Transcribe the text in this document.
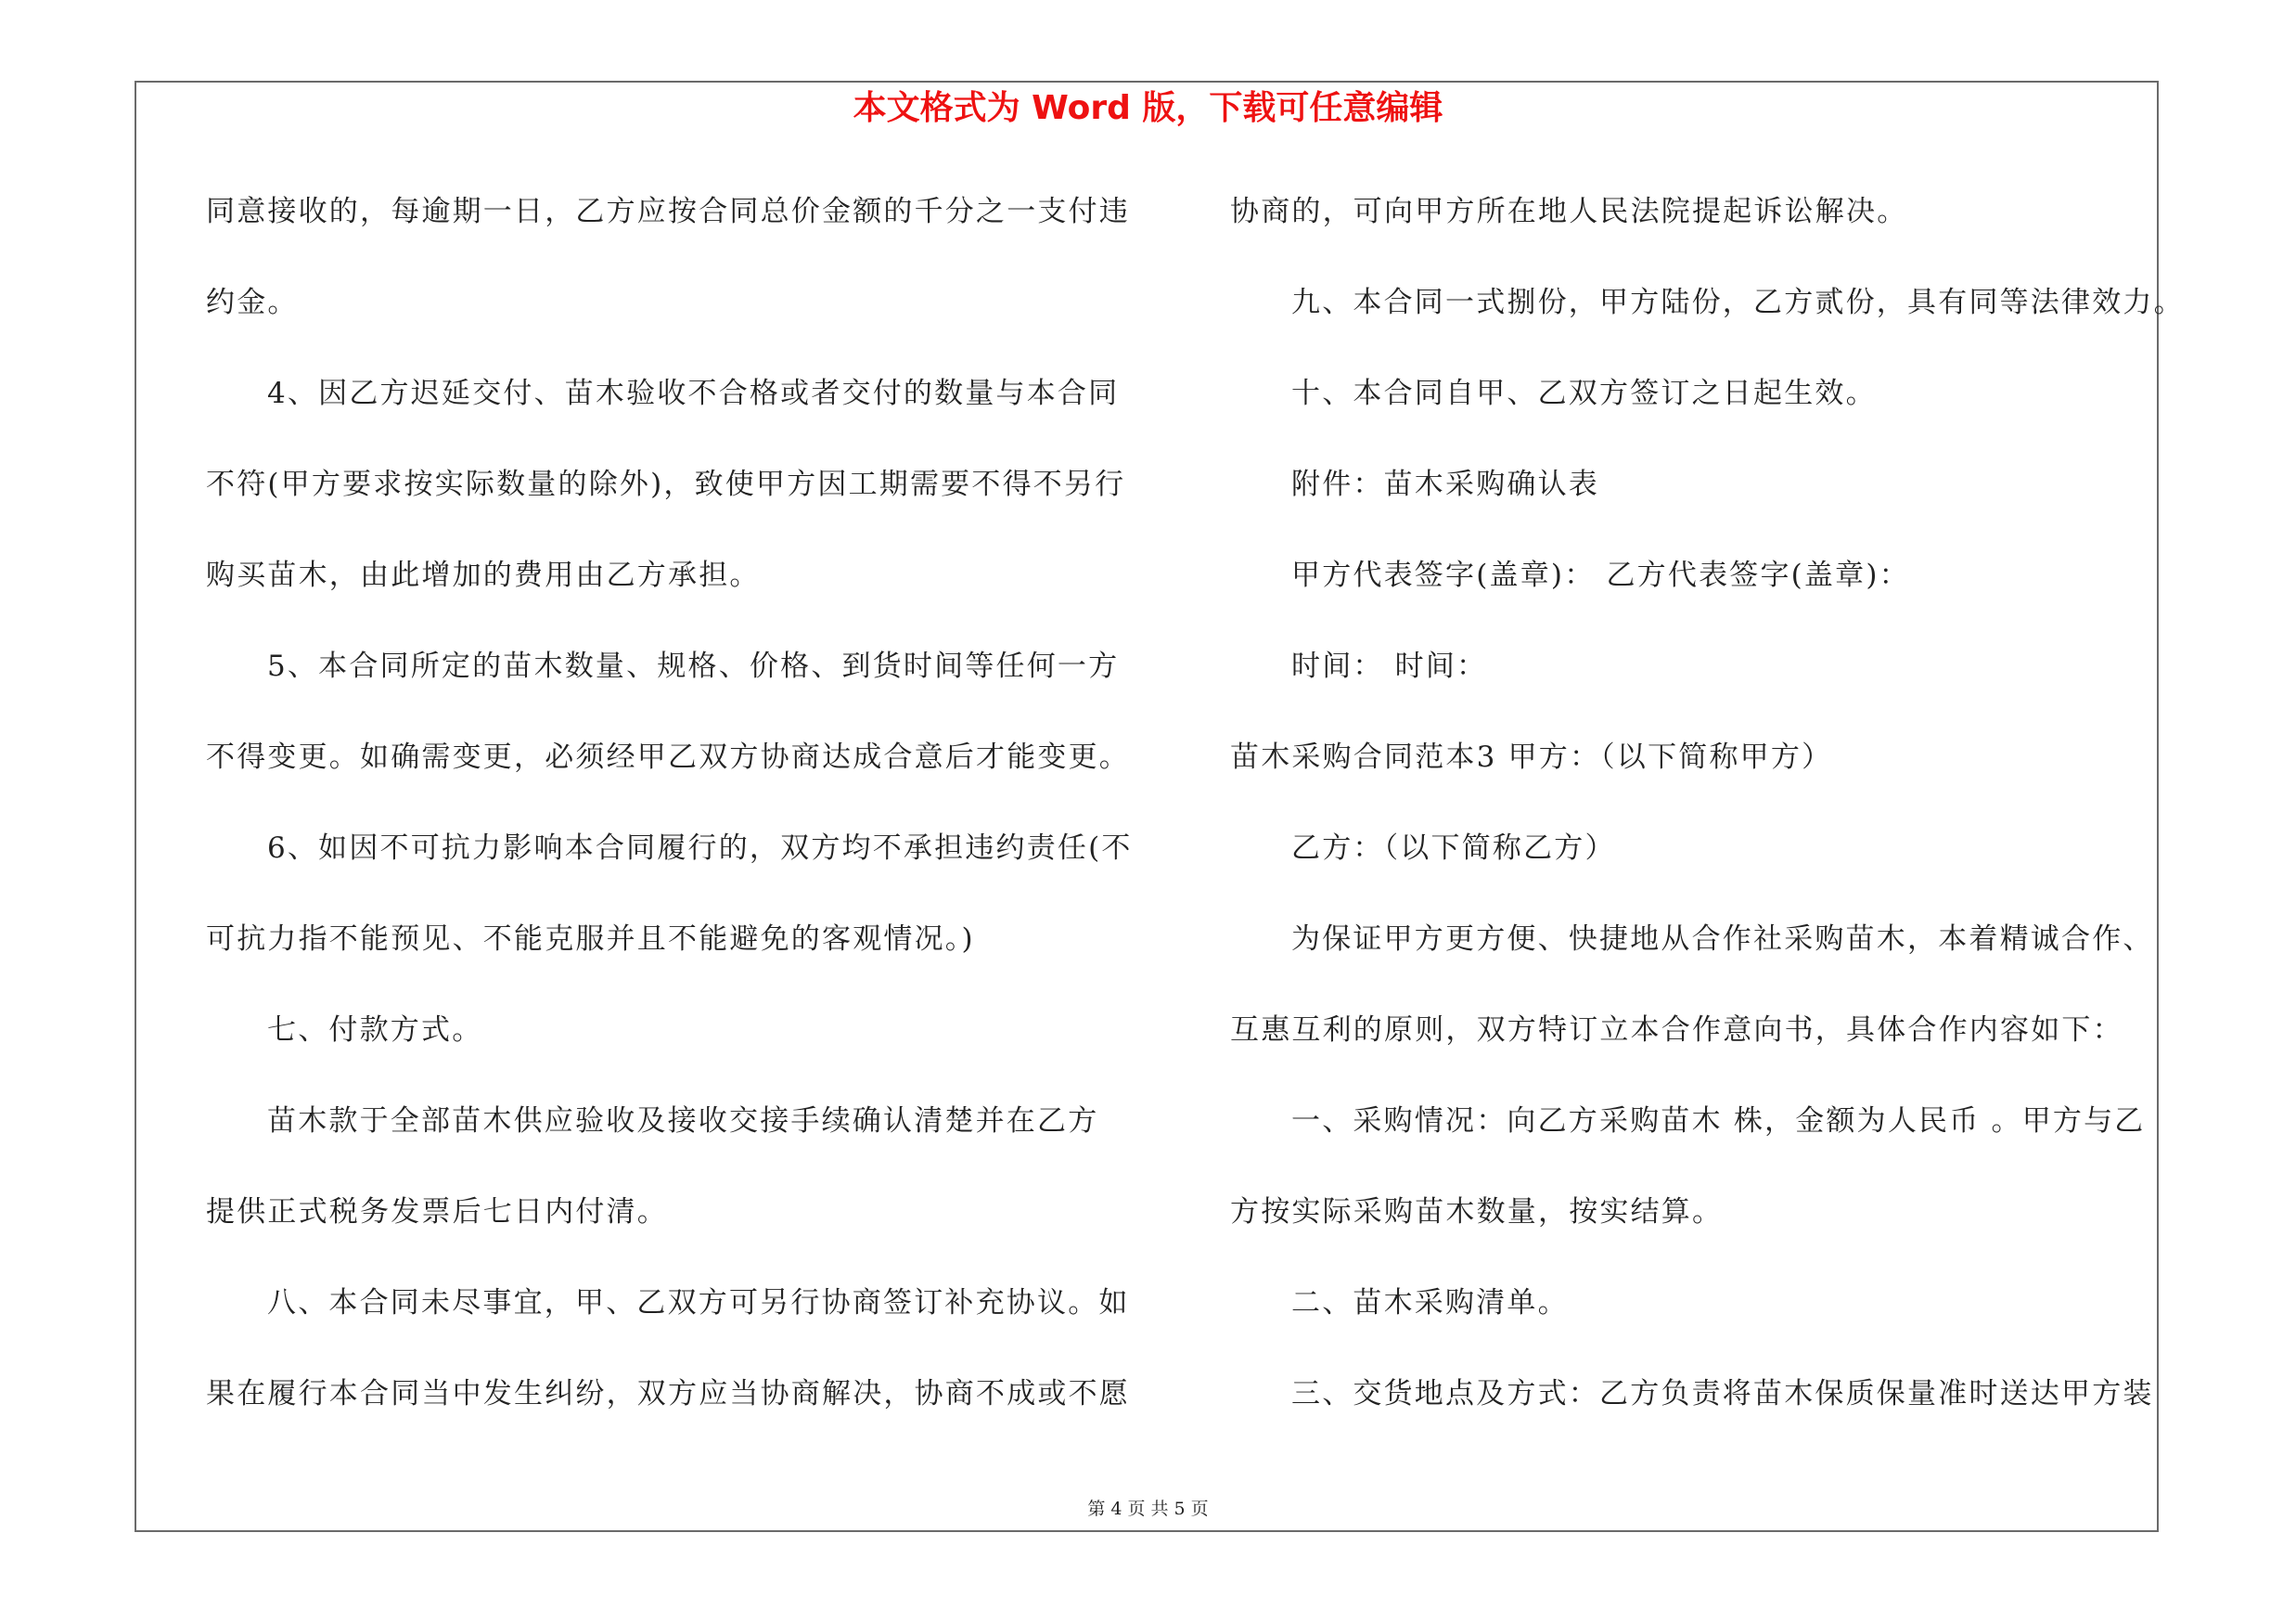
本文格式为 Word 版，下载可任意编辑
同意接收的，每逾期一日，乙方应按合同总价金额的千分之一支付违
约金。
4、因乙方迟延交付、苗木验收不合格或者交付的数量与本合同
不符(甲方要求按实际数量的除外)，致使甲方因工期需要不得不另行
购买苗木，由此增加的费用由乙方承担。
5、本合同所定的苗木数量、规格、价格、到货时间等任何一方
不得变更。如确需变更，必须经甲乙双方协商达成合意后才能变更。
6、如因不可抗力影响本合同履行的，双方均不承担违约责任(不
可抗力指不能预见、不能克服并且不能避免的客观情况。)
七、付款方式。
苗木款于全部苗木供应验收及接收交接手续确认清楚并在乙方
提供正式税务发票后七日内付清。
八、本合同未尽事宜，甲、乙双方可另行协商签订补充协议。如
果在履行本合同当中发生纠纷，双方应当协商解决，协商不成或不愿
协商的，可向甲方所在地人民法院提起诉讼解决。
九、本合同一式捌份，甲方陆份，乙方贰份，具有同等法律效力。
十、本合同自甲、乙双方签订之日起生效。
附件：苗木采购确认表
甲方代表签字(盖章)： 乙方代表签字(盖章)：
时间： 时间：
苗木采购合同范本3 甲方：（以下简称甲方）
乙方：（以下简称乙方）
为保证甲方更方便、快捷地从合作社采购苗木，本着精诚合作、
互惠互利的原则，双方特订立本合作意向书，具体合作内容如下：
一、采购情况：向乙方采购苗木 株，金额为人民币 。甲方与乙
方按实际采购苗木数量，按实结算。
二、苗木采购清单。
三、交货地点及方式：乙方负责将苗木保质保量准时送达甲方装
第 4 页 共 5 页
